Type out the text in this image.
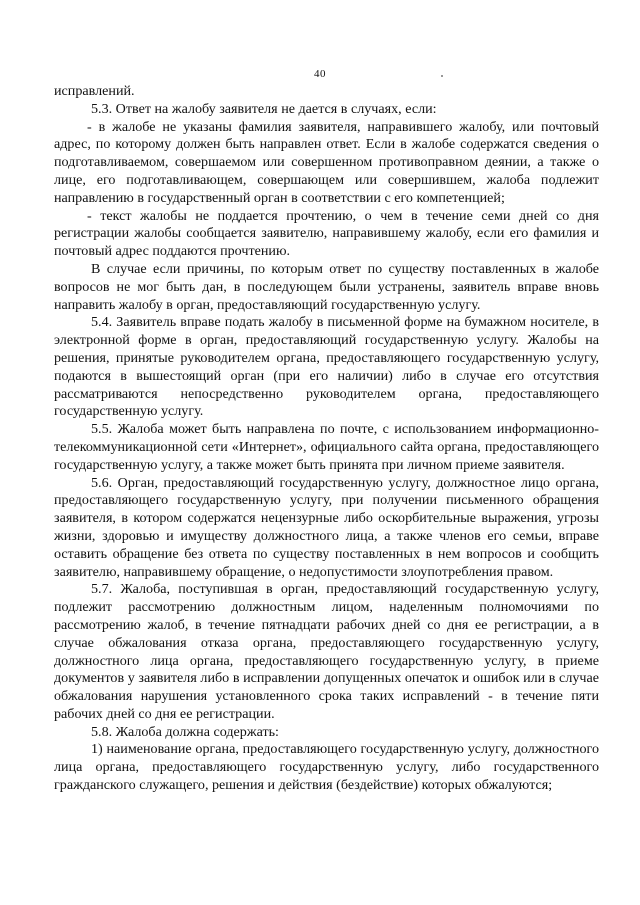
40

исправлений.

5.3. Ответ на жалобу заявителя не дается в случаях, если:

- в жалобе не указаны фамилия заявителя, направившего жалобу, или почтовый адрес, по которому должен быть направлен ответ. Если в жалобе содержатся сведения о подготавливаемом, совершаемом или совершенном противоправном деянии, а также о лице, его подготавливающем, совершающем или совершившем, жалоба подлежит направлению в государственный орган в соответствии с его компетенцией;

- текст жалобы не поддается прочтению, о чем в течение семи дней со дня регистрации жалобы сообщается заявителю, направившему жалобу, если его фамилия и почтовый адрес поддаются прочтению.

В случае если причины, по которым ответ по существу поставленных в жалобе вопросов не мог быть дан, в последующем были устранены, заявитель вправе вновь направить жалобу в орган, предоставляющий государственную услугу.

5.4. Заявитель вправе подать жалобу в письменной форме на бумажном носителе, в электронной форме в орган, предоставляющий государственную услугу. Жалобы на решения, принятые руководителем органа, предоставляющего государственную услугу, подаются в вышестоящий орган (при его наличии) либо в случае его отсутствия рассматриваются непосредственно руководителем органа, предоставляющего государственную услугу.

5.5. Жалоба может быть направлена по почте, с использованием информационно-телекоммуникационной сети «Интернет», официального сайта органа, предоставляющего государственную услугу, а также может быть принята при личном приеме заявителя.

5.6. Орган, предоставляющий государственную услугу, должностное лицо органа, предоставляющего государственную услугу, при получении письменного обращения заявителя, в котором содержатся нецензурные либо оскорбительные выражения, угрозы жизни, здоровью и имуществу должностного лица, а также членов его семьи, вправе оставить обращение без ответа по существу поставленных в нем вопросов и сообщить заявителю, направившему обращение, о недопустимости злоупотребления правом.

5.7. Жалоба, поступившая в орган, предоставляющий государственную услугу, подлежит рассмотрению должностным лицом, наделенным полномочиями по рассмотрению жалоб, в течение пятнадцати рабочих дней со дня ее регистрации, а в случае обжалования отказа органа, предоставляющего государственную услугу, должностного лица органа, предоставляющего государственную услугу, в приеме документов у заявителя либо в исправлении допущенных опечаток и ошибок или в случае обжалования нарушения установленного срока таких исправлений - в течение пяти рабочих дней со дня ее регистрации.

5.8. Жалоба должна содержать:

1) наименование органа, предоставляющего государственную услугу, должностного лица органа, предоставляющего государственную услугу, либо государственного гражданского служащего, решения и действия (бездействие) которых обжалуются;
